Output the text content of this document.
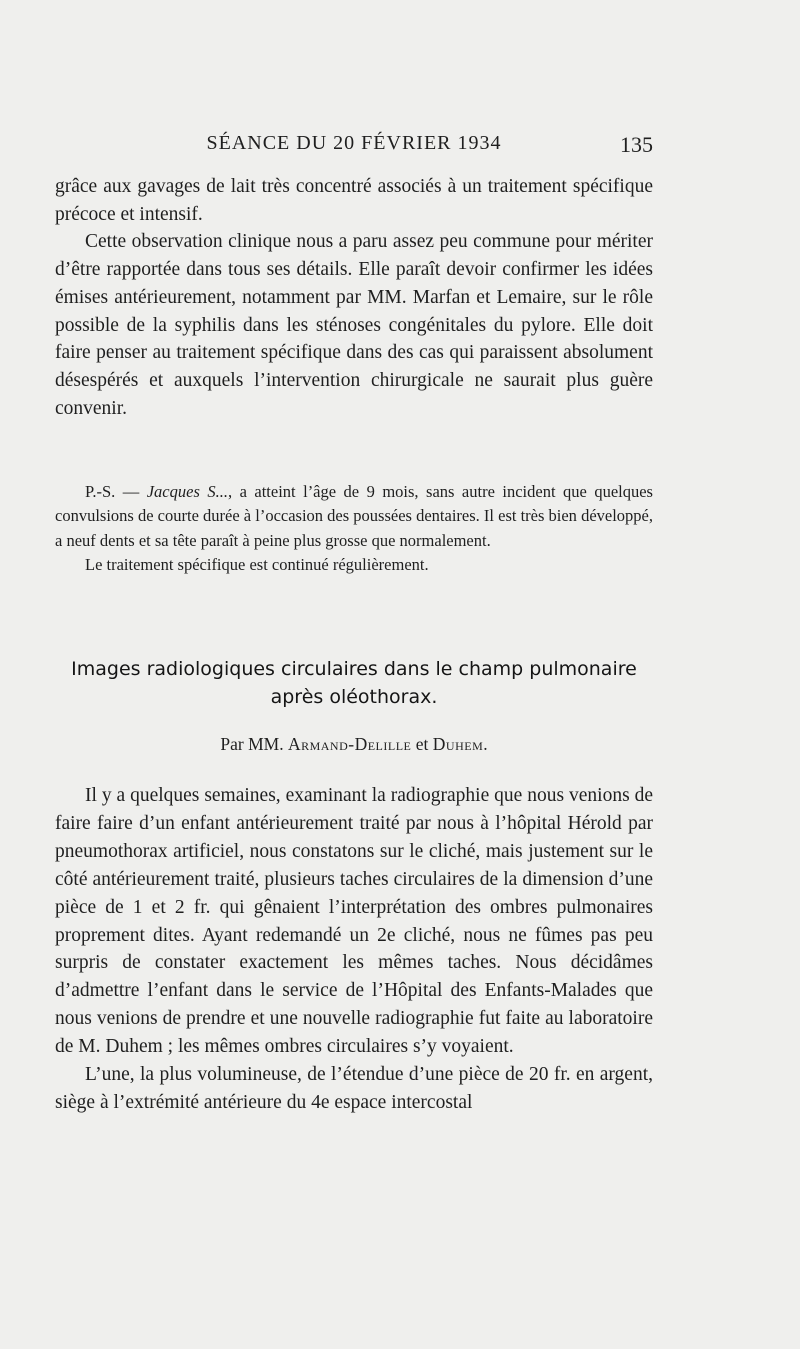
SÉANCE DU 20 FÉVRIER 1934	135

grâce aux gavages de lait très concentré associés à un traitement spécifique précoce et intensif.

Cette observation clinique nous a paru assez peu commune pour mériter d’être rapportée dans tous ses détails. Elle paraît devoir confirmer les idées émises antérieurement, notamment par MM. Marfan et Lemaire, sur le rôle possible de la syphilis dans les sténoses congénitales du pylore. Elle doit faire penser au traitement spécifique dans des cas qui paraissent absolument désespérés et auxquels l’intervention chirurgicale ne saurait plus guère convenir.

P.-S. — Jacques S..., a atteint l’âge de 9 mois, sans autre incident que quelques convulsions de courte durée à l’occasion des poussées dentaires. Il est très bien développé, a neuf dents et sa tête paraît à peine plus grosse que normalement.

Le traitement spécifique est continué régulièrement.

Images radiologiques circulaires dans le champ pulmonaire
après oléothorax.
Par MM. Armand-Delille et Duhem.

Il y a quelques semaines, examinant la radiographie que nous venions de faire faire d’un enfant antérieurement traité par nous à l’hôpital Hérold par pneumothorax artificiel, nous constatons sur le cliché, mais justement sur le côté antérieurement traité, plusieurs taches circulaires de la dimension d’une pièce de 1 et 2 fr. qui gênaient l’interprétation des ombres pulmonaires proprement dites. Ayant redemandé un 2e cliché, nous ne fûmes pas peu surpris de constater exactement les mêmes taches. Nous décidâmes d’admettre l’enfant dans le service de l’Hôpital des Enfants-Malades que nous venions de prendre et une nouvelle radiographie fut faite au laboratoire de M. Duhem ; les mêmes ombres circulaires s’y voyaient.

L’une, la plus volumineuse, de l’étendue d’une pièce de 20 fr. en argent, siège à l’extrémité antérieure du 4e espace intercostal
